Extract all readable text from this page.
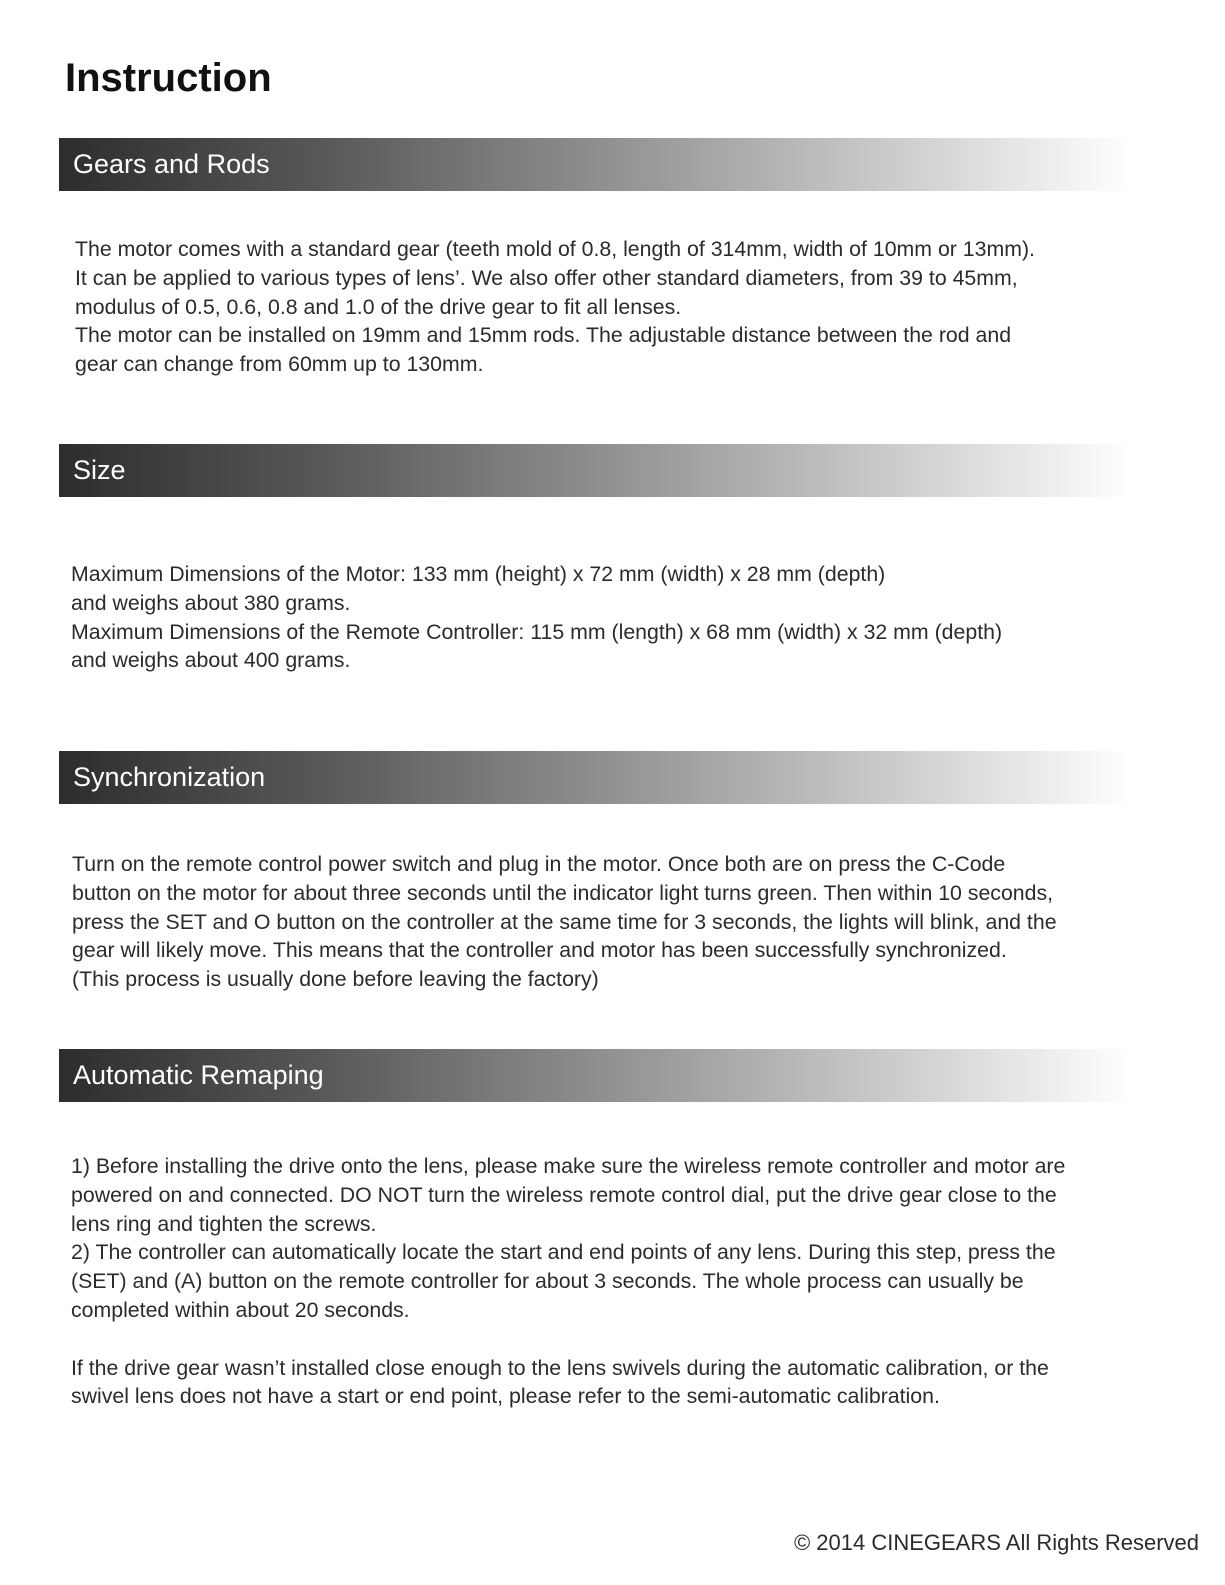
Instruction
Gears and Rods

The motor comes with a standard gear (teeth mold of 0.8, length of 314mm, width of 10mm or 13mm).

It can be applied to various types of lens’. We also offer other standard diameters, from 39 to 45mm,

modulus of 0.5, 0.6, 0.8 and 1.0 of the drive gear to fit all lenses.

The motor can be installed on 19mm and 15mm rods. The adjustable distance between the rod and

gear can change from 60mm up to 130mm.

Size

Maximum Dimensions of the Motor: 133 mm (height) x 72 mm (width) x 28 mm (depth)

and weighs about 380 grams.

Maximum Dimensions of the Remote Controller: 115 mm (length) x 68 mm (width) x 32 mm (depth)

and weighs about 400 grams.

Synchronization

Turn on the remote control power switch and plug in the motor. Once both are on press the C-Code

button on the motor for about three seconds until the indicator light turns green. Then within 10 seconds,

press the SET and O button on the controller at the same time for 3 seconds, the lights will blink, and the

gear will likely move. This means that the controller and motor has been successfully synchronized.

(This process is usually done before leaving the factory)

Automatic Remaping

1) Before installing the drive onto the lens, please make sure the wireless remote controller and motor are

powered on and connected. DO NOT turn the wireless remote control dial, put the drive gear close to the

lens ring and tighten the screws.

2) The controller can automatically locate the start and end points of any lens. During this step, press the

(SET) and (A) button on the remote controller for about 3 seconds. The whole process can usually be

completed within about 20 seconds.

If the drive gear wasn’t installed close enough to the lens swivels during the automatic calibration, or the

swivel lens does not have a start or end point, please refer to the semi-automatic calibration.

© 2014 CINEGEARS All Rights Reserved
